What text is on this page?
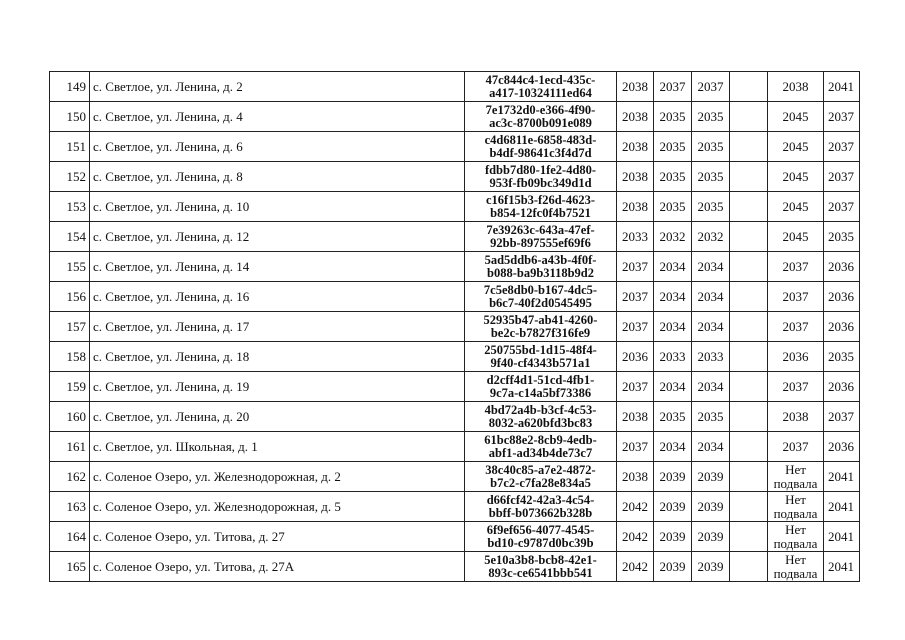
149	с. Светлое, ул. Ленина, д. 2	47c844c4-1ecd-435c-
a417-10324111ed64	2038	2037	2037		2038	2041
150	с. Светлое, ул. Ленина, д. 4	7e1732d0-e366-4f90-
ac3c-8700b091e089	2038	2035	2035		2045	2037
151	с. Светлое, ул. Ленина, д. 6	c4d6811e-6858-483d-
b4df-98641c3f4d7d	2038	2035	2035		2045	2037
152	с. Светлое, ул. Ленина, д. 8	fdbb7d80-1fe2-4d80-
953f-fb09bc349d1d	2038	2035	2035		2045	2037
153	с. Светлое, ул. Ленина, д. 10	c16f15b3-f26d-4623-
b854-12fc0f4b7521	2038	2035	2035		2045	2037
154	с. Светлое, ул. Ленина, д. 12	7e39263c-643a-47ef-
92bb-897555ef69f6	2033	2032	2032		2045	2035
155	с. Светлое, ул. Ленина, д. 14	5ad5ddb6-a43b-4f0f-
b088-ba9b3118b9d2	2037	2034	2034		2037	2036
156	с. Светлое, ул. Ленина, д. 16	7c5e8db0-b167-4dc5-
b6c7-40f2d0545495	2037	2034	2034		2037	2036
157	с. Светлое, ул. Ленина, д. 17	52935b47-ab41-4260-
be2c-b7827f316fe9	2037	2034	2034		2037	2036
158	с. Светлое, ул. Ленина, д. 18	250755bd-1d15-48f4-
9f40-cf4343b571a1	2036	2033	2033		2036	2035
159	с. Светлое, ул. Ленина, д. 19	d2cff4d1-51cd-4fb1-
9c7a-c14a5bf73386	2037	2034	2034		2037	2036
160	с. Светлое, ул. Ленина, д. 20	4bd72a4b-b3cf-4c53-
8032-a620bfd3bc83	2038	2035	2035		2038	2037
161	с. Светлое, ул. Школьная, д. 1	61bc88e2-8cb9-4edb-
abf1-ad34b4de73c7	2037	2034	2034		2037	2036
162	с. Соленое Озеро, ул. Железнодорожная, д. 2	38c40c85-a7e2-4872-
b7c2-c7fa28e834a5	2038	2039	2039		Нет подвала	2041
163	с. Соленое Озеро, ул. Железнодорожная, д. 5	d66fcf42-42a3-4c54-
bbff-b073662b328b	2042	2039	2039		Нет подвала	2041
164	с. Соленое Озеро, ул. Титова, д. 27	6f9ef656-4077-4545-
bd10-c9787d0bc39b	2042	2039	2039		Нет подвала	2041
165	с. Соленое Озеро, ул. Титова, д. 27А	5e10a3b8-bcb8-42e1-
893c-ce6541bbb541	2042	2039	2039		Нет подвала	2041
